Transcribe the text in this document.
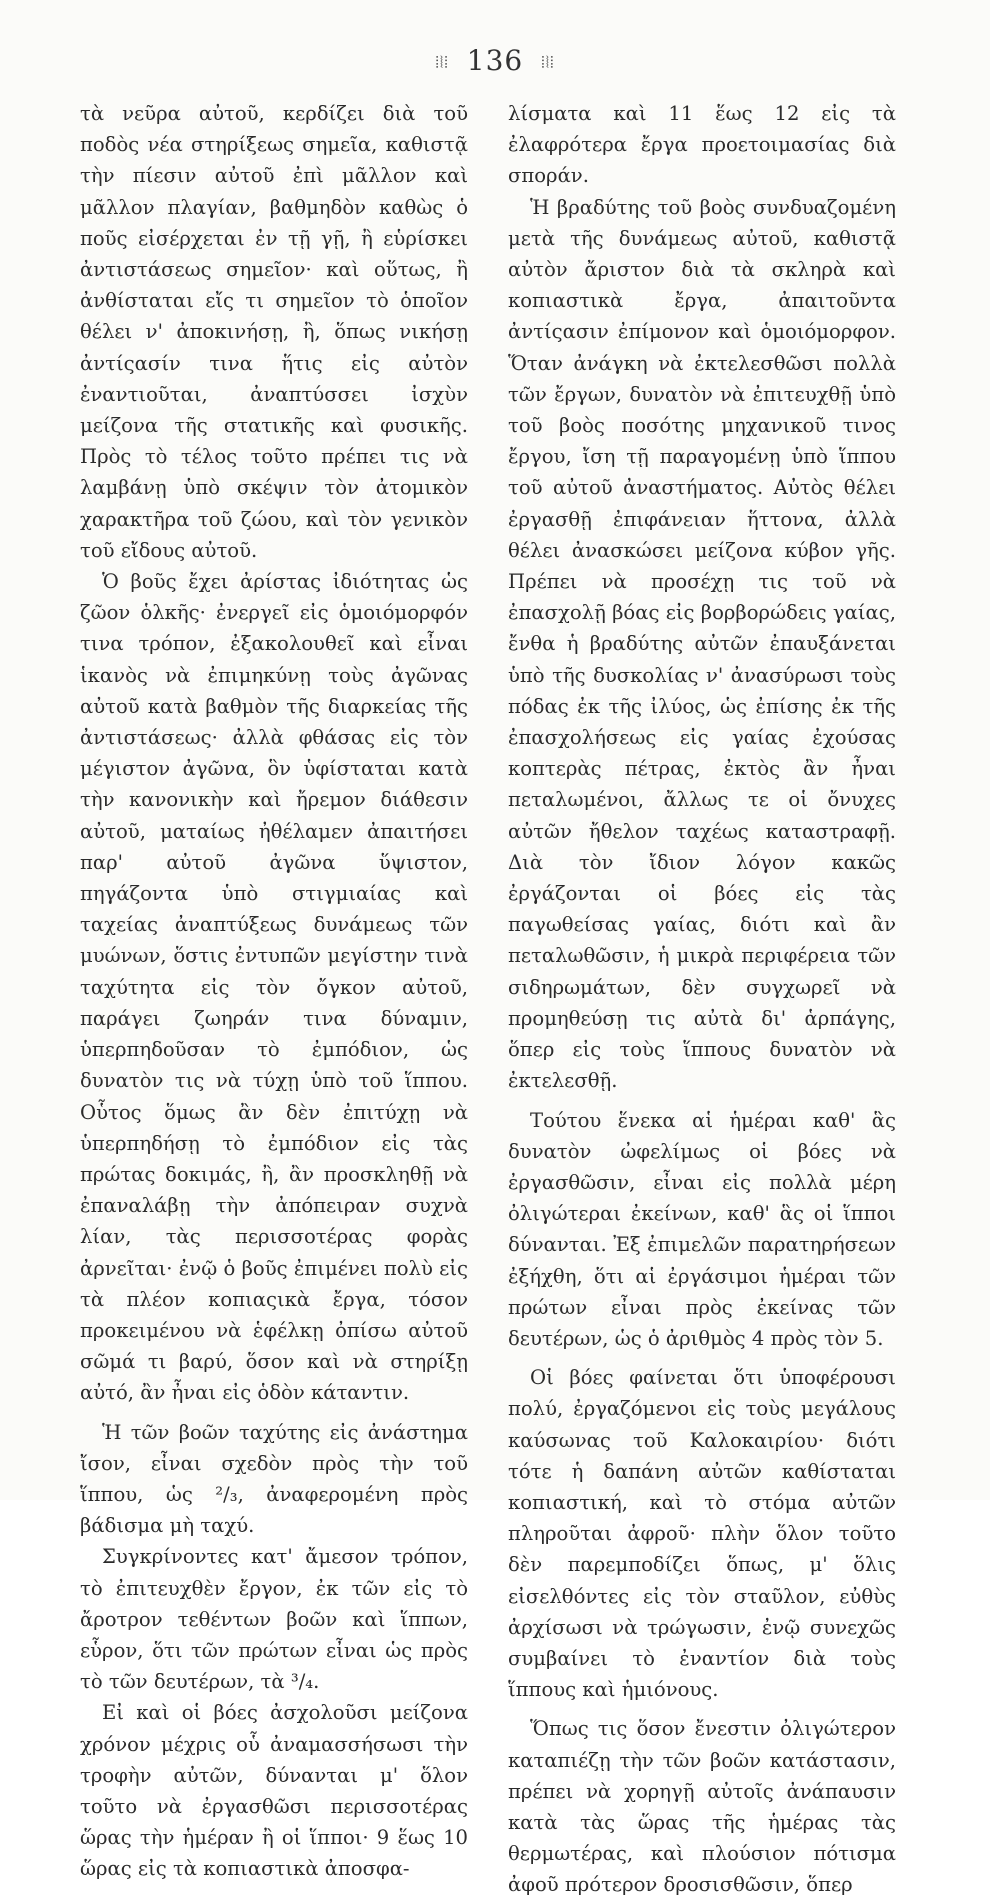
⦙⦚⦙ 136 ⦙⦚⦙

τὰ νεῦρα αὐτοῦ, κερδίζει διὰ τοῦ ποδὸς νέα στηρίξεως σημεῖα, καθιστᾷ τὴν πίεσιν αὐτοῦ ἐπὶ μᾶλλον καὶ μᾶλλον πλαγίαν, βαθμηδὸν καθὼς ὁ ποῦς εἰσέρχεται ἐν τῇ γῇ, ἢ εὑρίσκει ἀντιστάσεως σημεῖον· καὶ οὕτως, ἢ ἀνθίσταται εἴς τι σημεῖον τὸ ὁποῖον θέλει ν' ἀποκινήσῃ, ἢ, ὅπως νικήσῃ ἀντίςασίν τινα ἥτις εἰς αὐτὸν ἐναντιοῦται, ἀναπτύσσει ἰσχὺν μείζονα τῆς στατικῆς καὶ φυσικῆς. Πρὸς τὸ τέλος τοῦτο πρέπει τις νὰ λαμβάνῃ ὑπὸ σκέψιν τὸν ἀτομικὸν χαρακτῆρα τοῦ ζώου, καὶ τὸν γενικὸν τοῦ εἴδους αὐτοῦ.

Ὁ βοῦς ἔχει ἀρίστας ἰδιότητας ὡς ζῶον ὁλκῆς· ἐνεργεῖ εἰς ὁμοιόμορφόν τινα τρόπον, ἐξακολουθεῖ καὶ εἶναι ἱκανὸς νὰ ἐπιμηκύνῃ τοὺς ἀγῶνας αὐτοῦ κατὰ βαθμὸν τῆς διαρκείας τῆς ἀντιστάσεως· ἀλλὰ φθάσας εἰς τὸν μέγιστον ἀγῶνα, ὃν ὑφίσταται κατὰ τὴν κανονικὴν καὶ ἤρεμον διάθεσιν αὐτοῦ, ματαίως ἠθέλαμεν ἀπαιτήσει παρ' αὐτοῦ ἀγῶνα ὕψιστον, πηγάζοντα ὑπὸ στιγμιαίας καὶ ταχείας ἀναπτύξεως δυνάμεως τῶν μυώνων, ὅστις ἐντυπῶν μεγίστην τινὰ ταχύτητα εἰς τὸν ὄγκον αὐτοῦ, παράγει ζωηράν τινα δύναμιν, ὑπερπηδοῦσαν τὸ ἐμπόδιον, ὡς δυνατὸν τις νὰ τύχῃ ὑπὸ τοῦ ἵππου. Οὗτος ὅμως ἂν δὲν ἐπιτύχῃ νὰ ὑπερπηδήσῃ τὸ ἐμπόδιον εἰς τὰς πρώτας δοκιμάς, ἢ, ἂν προσκληθῇ νὰ ἐπαναλάβῃ τὴν ἀπόπειραν συχνὰ λίαν, τὰς περισσοτέρας φορὰς ἀρνεῖται· ἐνῷ ὁ βοῦς ἐπιμένει πολὺ εἰς τὰ πλέον κοπιαςικὰ ἔργα, τόσον προκειμένου νὰ ἑφέλκῃ ὀπίσω αὐτοῦ σῶμά τι βαρύ, ὅσον καὶ νὰ στηρίξῃ αὐτό, ἂν ἦναι εἰς ὁδὸν κάταντιν.

Ἡ τῶν βοῶν ταχύτης εἰς ἀνάστημα ἴσον, εἶναι σχεδὸν πρὸς τὴν τοῦ ἵππου, ὡς ²/₃, ἀναφερομένη πρὸς βάδισμα μὴ ταχύ.

Συγκρίνοντες κατ' ἄμεσον τρόπον, τὸ ἐπιτευχθὲν ἔργον, ἐκ τῶν εἰς τὸ ἄροτρον τεθέντων βοῶν καὶ ἵππων, εὗρον, ὅτι τῶν πρώτων εἶναι ὡς πρὸς τὸ τῶν δευτέρων, τὰ ³/₄.

Εἰ καὶ οἱ βόες ἀσχολοῦσι μείζονα χρόνον μέχρις οὗ ἀναμασσήσωσι τὴν τροφὴν αὐτῶν, δύνανται μ' ὅλον τοῦτο νὰ ἐργασθῶσι περισσοτέρας ὥρας τὴν ἡμέραν ἢ οἱ ἵπποι· 9 ἕως 10 ὥρας εἰς τὰ κοπιαστικὰ ἀποσφα-

λίσματα καὶ 11 ἕως 12 εἰς τὰ ἐλαφρότερα ἔργα προετοιμασίας διὰ σποράν.

Ἡ βραδύτης τοῦ βοὸς συνδυαζομένη μετὰ τῆς δυνάμεως αὐτοῦ, καθιστᾷ αὐτὸν ἄριστον διὰ τὰ σκληρὰ καὶ κοπιαστικὰ ἔργα, ἀπαιτοῦντα ἀντίςασιν ἐπίμονον καὶ ὁμοιόμορφον. Ὅταν ἀνάγκη νὰ ἐκτελεσθῶσι πολλὰ τῶν ἔργων, δυνατὸν νὰ ἐπιτευχθῇ ὑπὸ τοῦ βοὸς ποσότης μηχανικοῦ τινος ἔργου, ἴση τῇ παραγομένῃ ὑπὸ ἵππου τοῦ αὐτοῦ ἀναστήματος. Αὐτὸς θέλει ἐργασθῇ ἐπιφάνειαν ἥττονα, ἀλλὰ θέλει ἀνασκώσει μείζονα κύβον γῆς. Πρέπει νὰ προσέχῃ τις τοῦ νὰ ἐπασχολῇ βόας εἰς βορβορώδεις γαίας, ἔνθα ἡ βραδύτης αὐτῶν ἐπαυξάνεται ὑπὸ τῆς δυσκολίας ν' ἀνασύρωσι τοὺς πόδας ἐκ τῆς ἰλύος, ὡς ἐπίσης ἐκ τῆς ἐπασχολήσεως εἰς γαίας ἐχούσας κοπτερὰς πέτρας, ἐκτὸς ἂν ἦναι πεταλωμένοι, ἄλλως τε οἱ ὄνυχες αὐτῶν ἤθελον ταχέως καταστραφῇ. Διὰ τὸν ἴδιον λόγον κακῶς ἐργάζονται οἱ βόες εἰς τὰς παγωθείσας γαίας, διότι καὶ ἂν πεταλωθῶσιν, ἡ μικρὰ περιφέρεια τῶν σιδηρωμάτων, δὲν συγχωρεῖ νὰ προμηθεύσῃ τις αὐτὰ δι' ἁρπάγης, ὅπερ εἰς τοὺς ἵππους δυνατὸν νὰ ἐκτελεσθῇ.

Τούτου ἕνεκα αἱ ἡμέραι καθ' ἃς δυνατὸν ὠφελίμως οἱ βόες νὰ ἐργασθῶσιν, εἶναι εἰς πολλὰ μέρη ὀλιγώτεραι ἐκείνων, καθ' ἃς οἱ ἵπποι δύνανται. Ἐξ ἐπιμελῶν παρατηρήσεων ἐξήχθη, ὅτι αἱ ἐργάσιμοι ἡμέραι τῶν πρώτων εἶναι πρὸς ἐκείνας τῶν δευτέρων, ὡς ὁ ἀριθμὸς 4 πρὸς τὸν 5.

Οἱ βόες φαίνεται ὅτι ὑποφέρουσι πολύ, ἐργαζόμενοι εἰς τοὺς μεγάλους καύσωνας τοῦ Καλοκαιρίου· διότι τότε ἡ δαπάνη αὐτῶν καθίσταται κοπιαστική, καὶ τὸ στόμα αὐτῶν πληροῦται ἀφροῦ· πλὴν ὅλον τοῦτο δὲν παρεμποδίζει ὅπως, μ' ὅλις εἰσελθόντες εἰς τὸν σταῦλον, εὐθὺς ἀρχίσωσι νὰ τρώγωσιν, ἐνῷ συνεχῶς συμβαίνει τὸ ἐναντίον διὰ τοὺς ἵππους καὶ ἡμιόνους.

Ὅπως τις ὅσον ἔνεστιν ὀλιγώτερον καταπιέζῃ τὴν τῶν βοῶν κατάστασιν, πρέπει νὰ χορηγῇ αὐτοῖς ἀνάπαυσιν κατὰ τὰς ὥρας τῆς ἡμέρας τὰς θερμωτέρας, καὶ πλούσιον πότισμα ἀφοῦ πρότερον δροσισθῶσιν, ὅπερ
